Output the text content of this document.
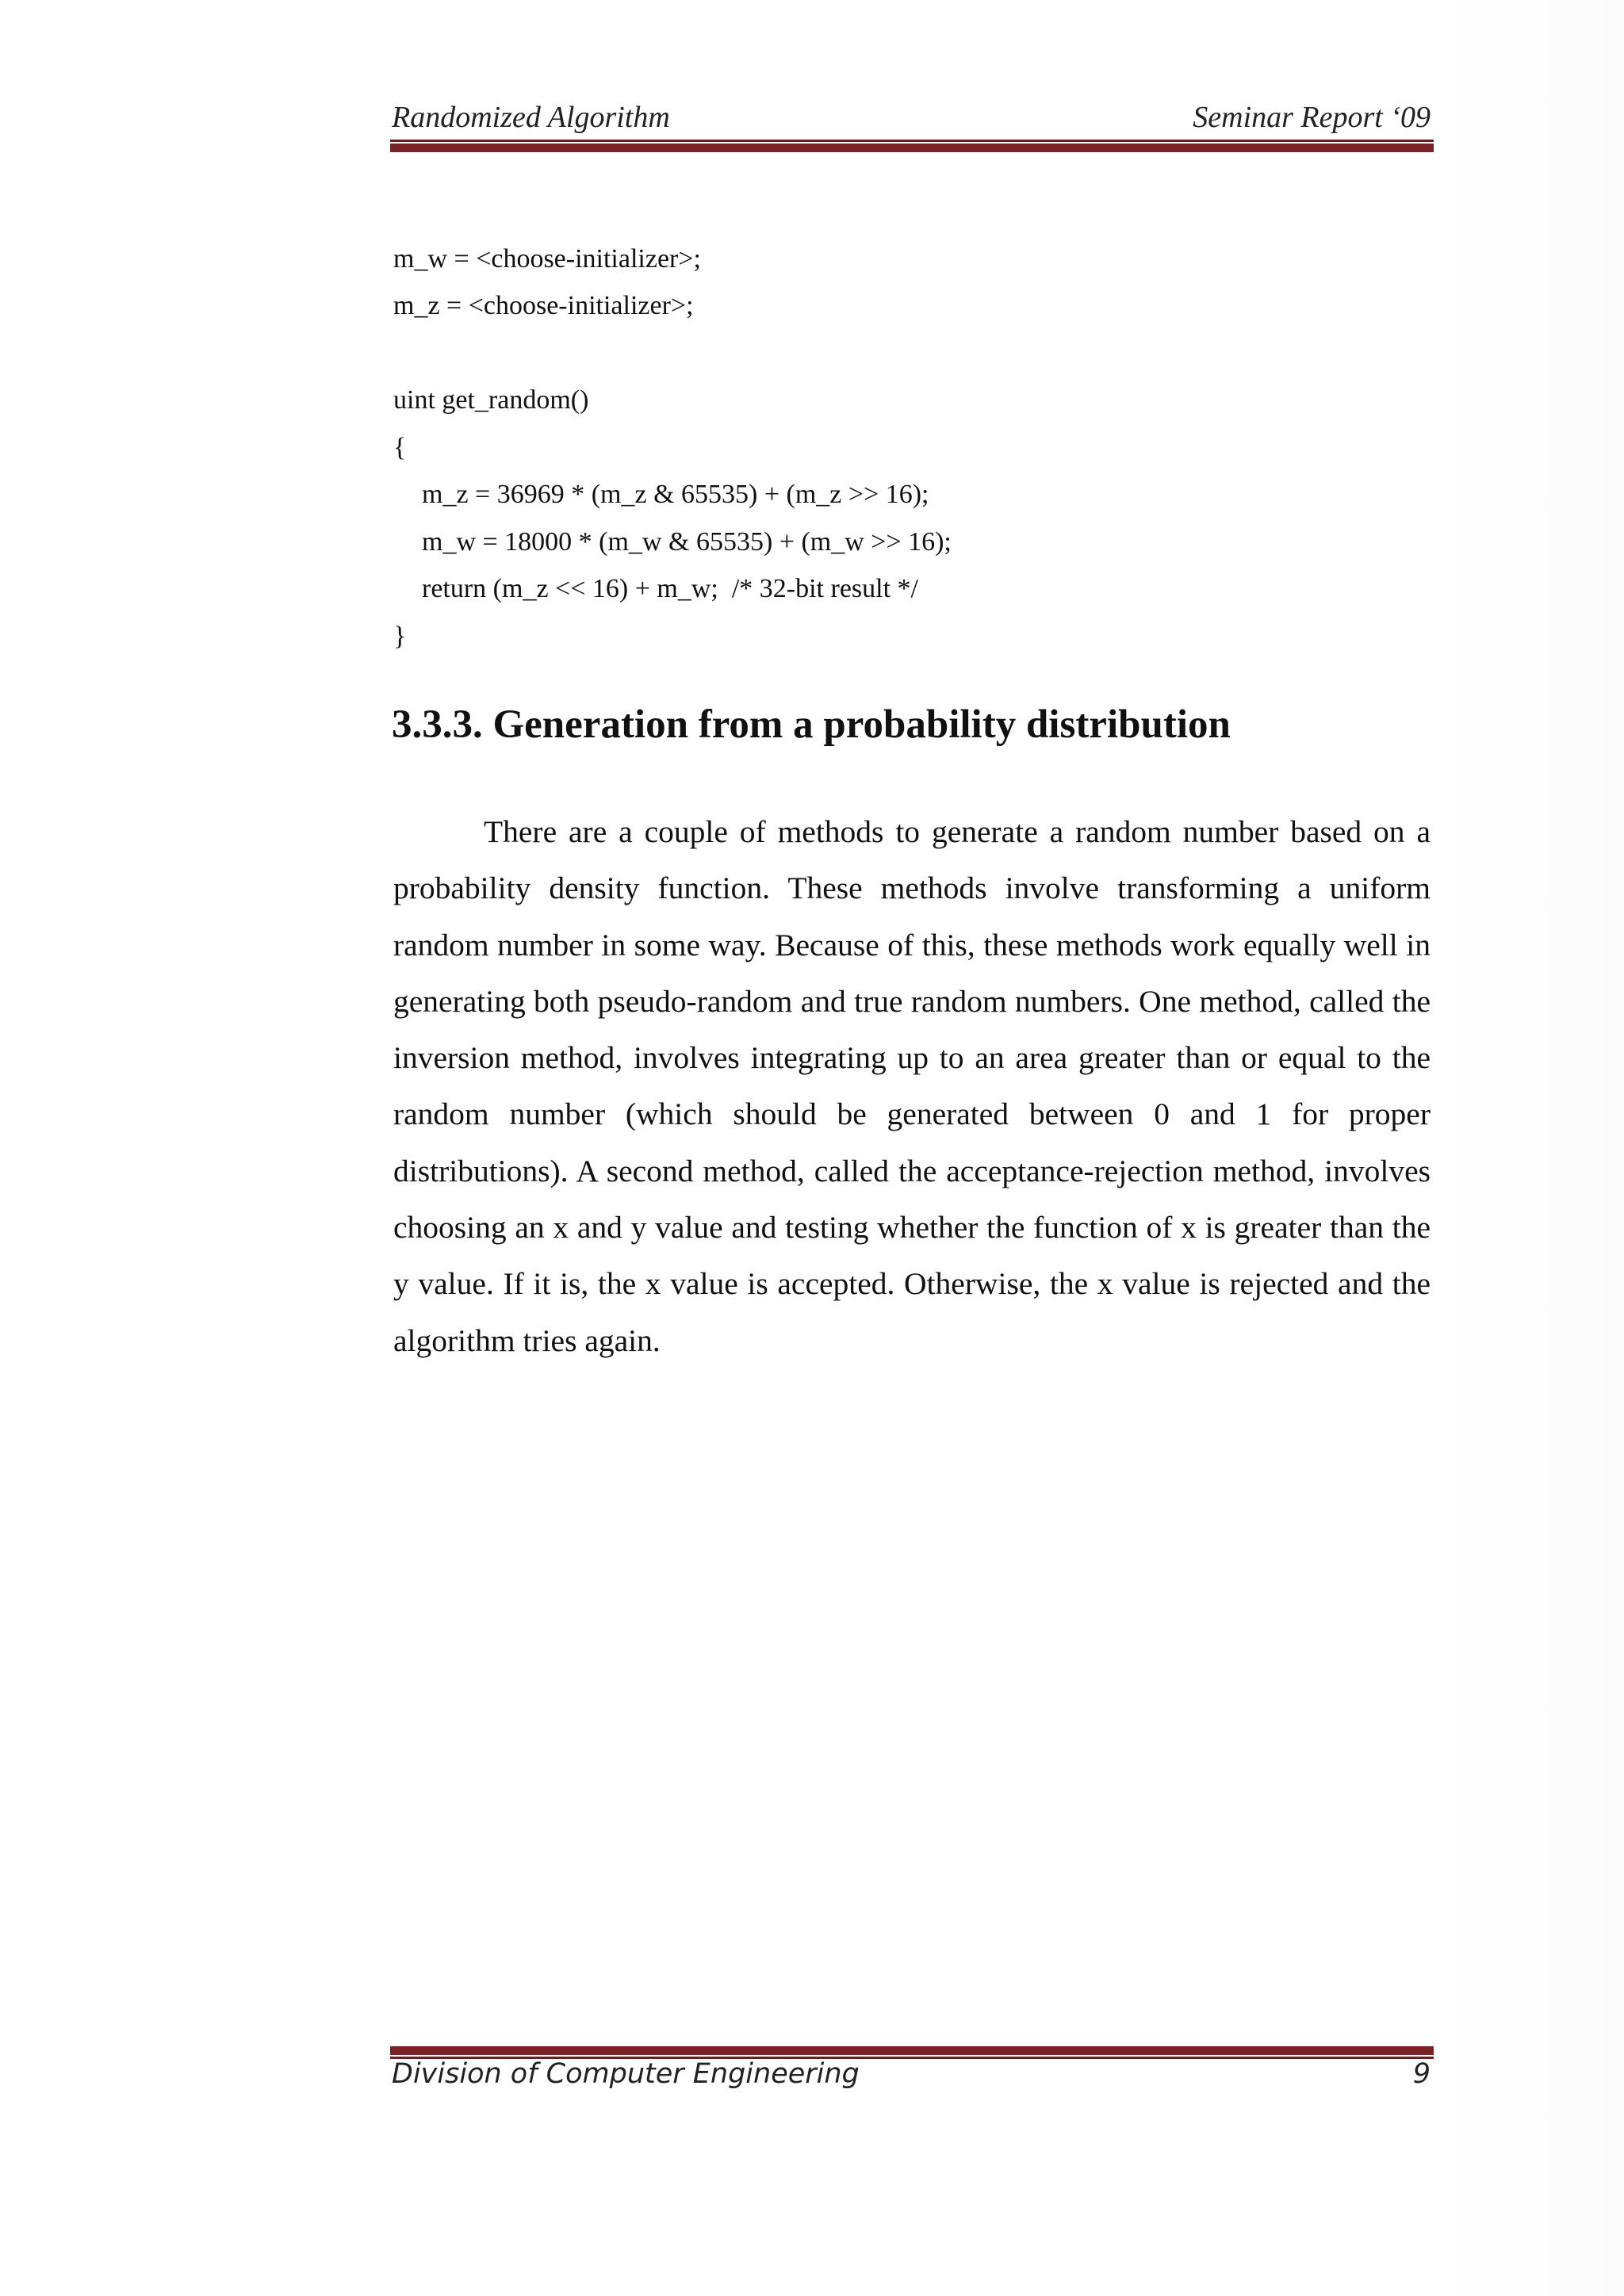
Randomized Algorithm	Seminar Report ‘09
m_w = <choose-initializer>;
m_z = <choose-initializer>;
uint get_random()
{
m_z = 36969 * (m_z & 65535) + (m_z >> 16);
m_w = 18000 * (m_w & 65535) + (m_w >> 16);
return (m_z << 16) + m_w;  /* 32-bit result */
}
3.3.3. Generation from a probability distribution

There are a couple of methods to generate a random number based on a probability density function. These methods involve transforming a uniform random number in some way. Because of this, these methods work equally well in generating both pseudo-random and true random numbers. One method, called the inversion method, involves integrating up to an area greater than or equal to the random number (which should be generated between 0 and 1 for proper distributions). A second method, called the acceptance-rejection method, involves choosing an x and y value and testing whether the function of x is greater than the y value. If it is, the x value is accepted. Otherwise, the x value is rejected and the algorithm tries again.

Division of Computer Engineering	9
